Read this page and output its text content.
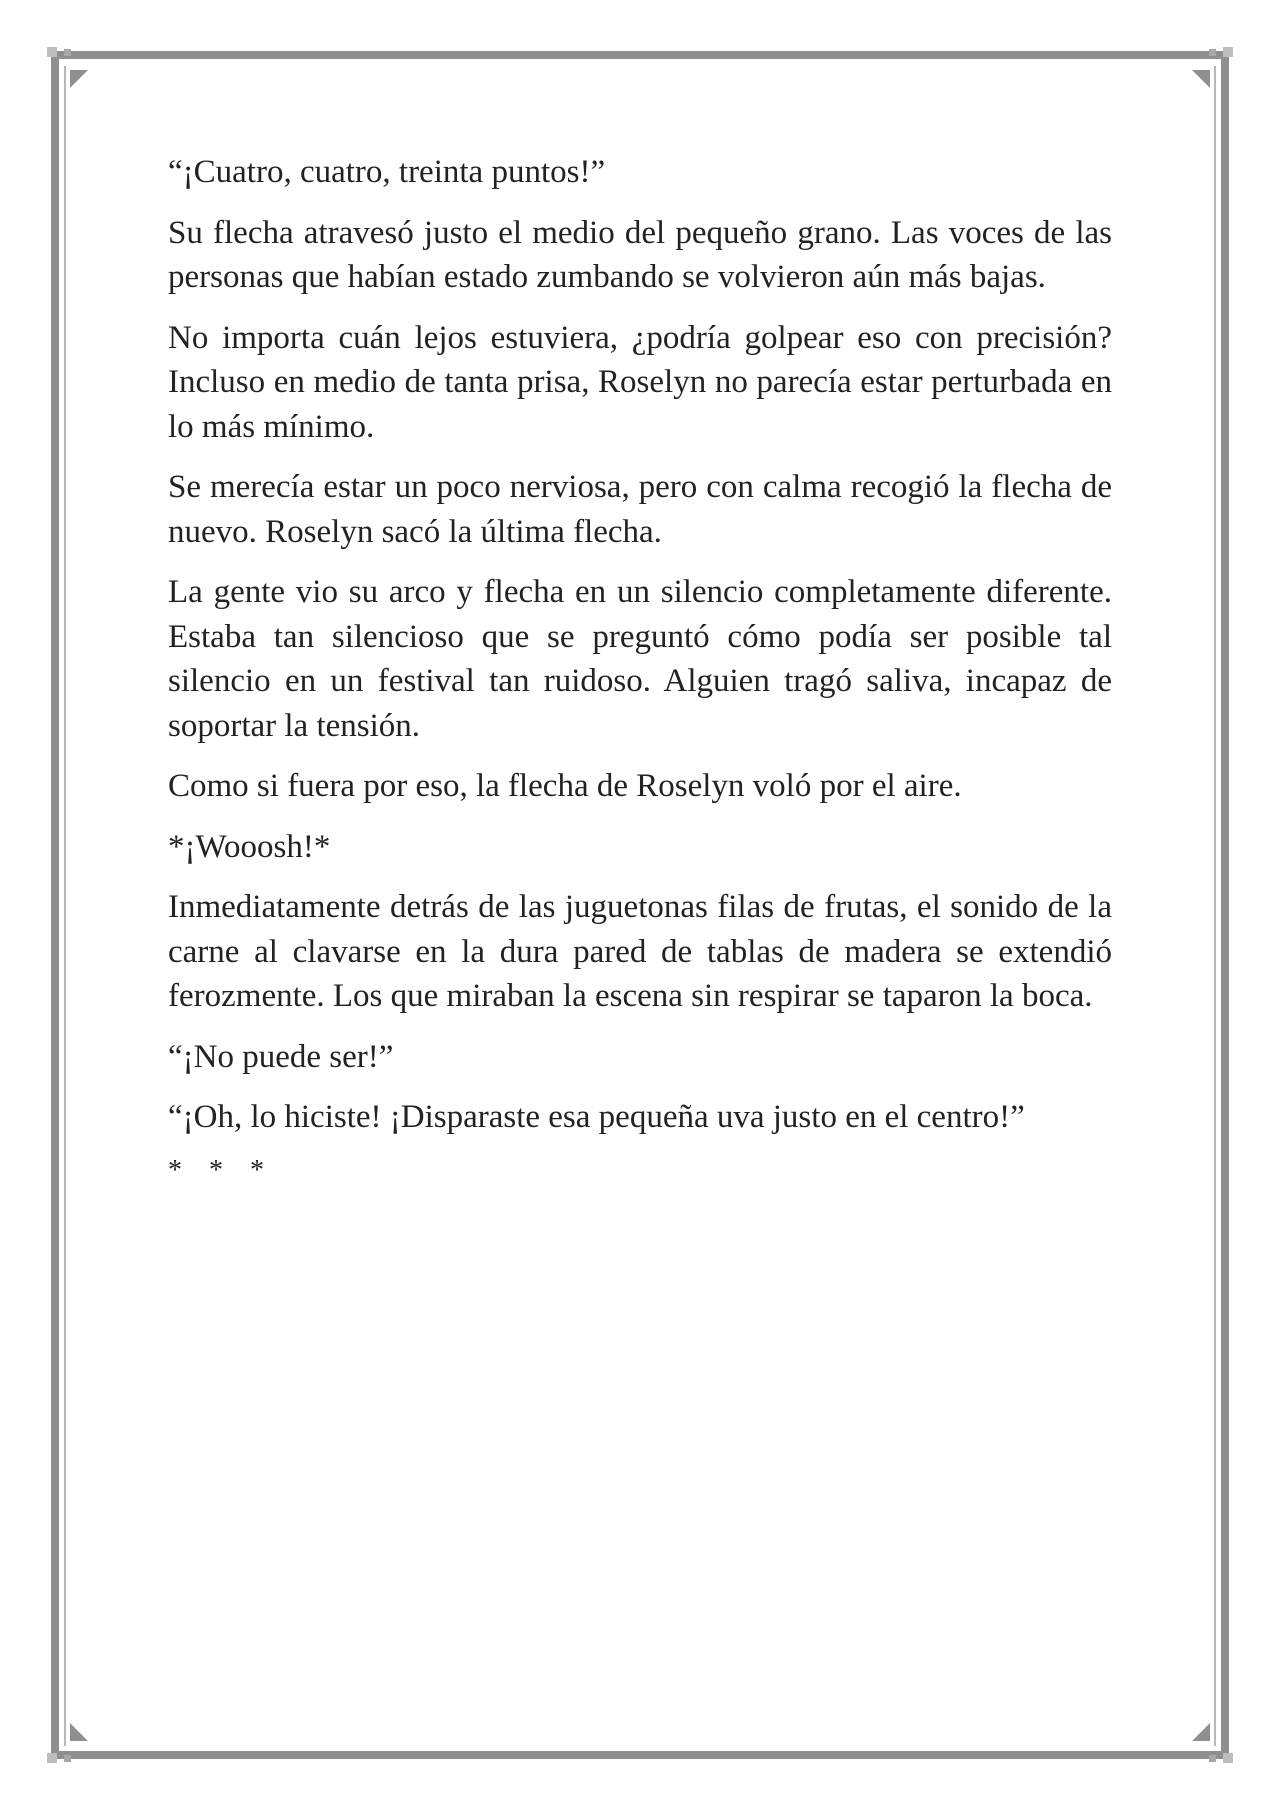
“¡Cuatro, cuatro, treinta puntos!”

Su flecha atravesó justo el medio del pequeño grano. Las voces de las personas que habían estado zumbando se volvieron aún más bajas.

No importa cuán lejos estuviera, ¿podría golpear eso con precisión? Incluso en medio de tanta prisa, Roselyn no parecía estar perturbada en lo más mínimo.

Se merecía estar un poco nerviosa, pero con calma recogió la flecha de nuevo. Roselyn sacó la última flecha.

La gente vio su arco y flecha en un silencio completamente diferente. Estaba tan silencioso que se preguntó cómo podía ser posible tal silencio en un festival tan ruidoso. Alguien tragó saliva, incapaz de soportar la tensión.

Como si fuera por eso, la flecha de Roselyn voló por el aire.

*¡Wooosh!*

Inmediatamente detrás de las juguetonas filas de frutas, el sonido de la carne al clavarse en la dura pared de tablas de madera se extendió ferozmente. Los que miraban la escena sin respirar se taparon la boca.

“¡No puede ser!”

“¡Oh, lo hiciste! ¡Disparaste esa pequeña uva justo en el centro!”

* * *
